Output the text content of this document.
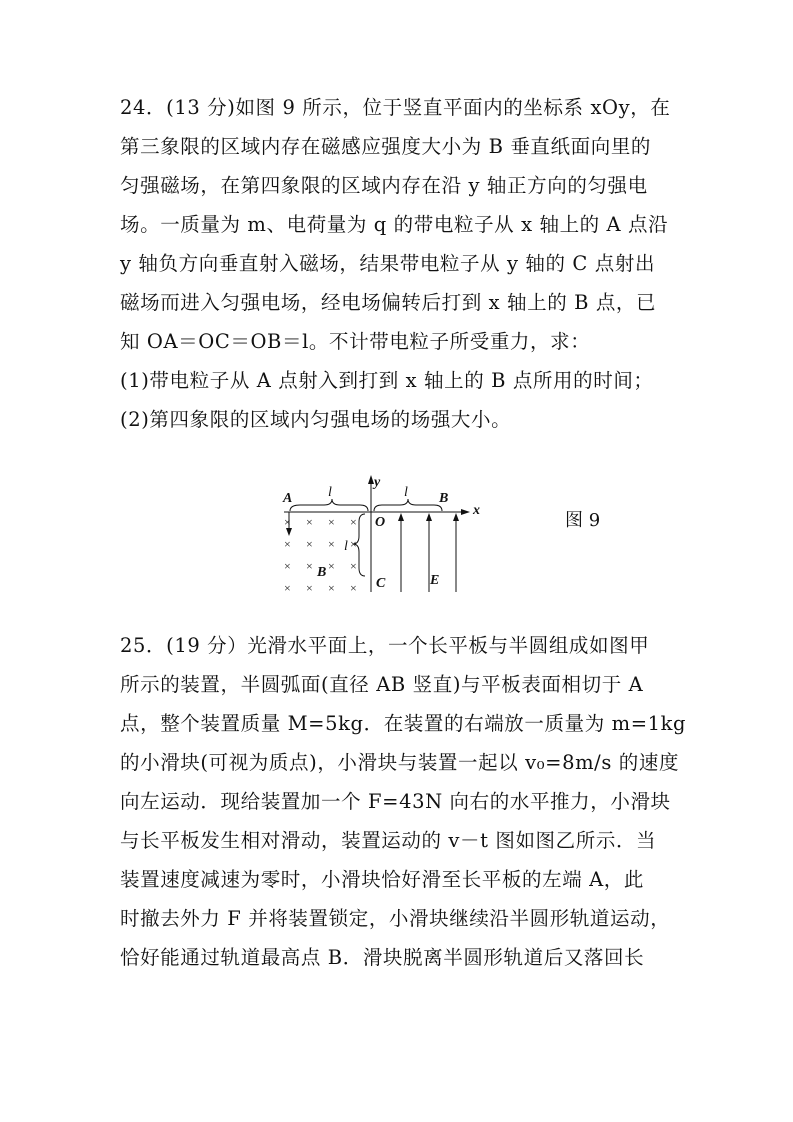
24．(13 分)如图 9 所示，位于竖直平面内的坐标系 xOy，在
第三象限的区域内存在磁感应强度大小为 B 垂直纸面向里的
匀强磁场，在第四象限的区域内存在沿 y 轴正方向的匀强电
场。一质量为 m、电荷量为 q 的带电粒子从 x 轴上的 A 点沿
y 轴负方向垂直射入磁场，结果带电粒子从 y 轴的 C 点射出
磁场而进入匀强电场，经电场偏转后打到 x 轴上的 B 点，已
知 OA＝OC＝OB＝l。不计带电粒子所受重力，求：
(1)带电粒子从 A 点射入到打到 x 轴上的 B 点所用的时间；
(2)第四象限的区域内匀强电场的场强大小。
× × × ×
× × × ×
× × × ×
× × × ×
A	l	l B
x
y
O
l
B
C	E
图 9
25．(19 分）光滑水平面上，一个长平板与半圆组成如图甲
所示的装置，半圆弧面(直径 AB 竖直)与平板表面相切于 A
点，整个装置质量 M=5kg．在装置的右端放一质量为 m=1kg
的小滑块(可视为质点)，小滑块与装置一起以 v₀=8m/s 的速度
向左运动．现给装置加一个 F=43N 向右的水平推力，小滑块
与长平板发生相对滑动，装置运动的 v－t 图如图乙所示．当
装置速度减速为零时，小滑块恰好滑至长平板的左端 A，此
时撤去外力 F 并将装置锁定，小滑块继续沿半圆形轨道运动，
恰好能通过轨道最高点 B．滑块脱离半圆形轨道后又落回长
